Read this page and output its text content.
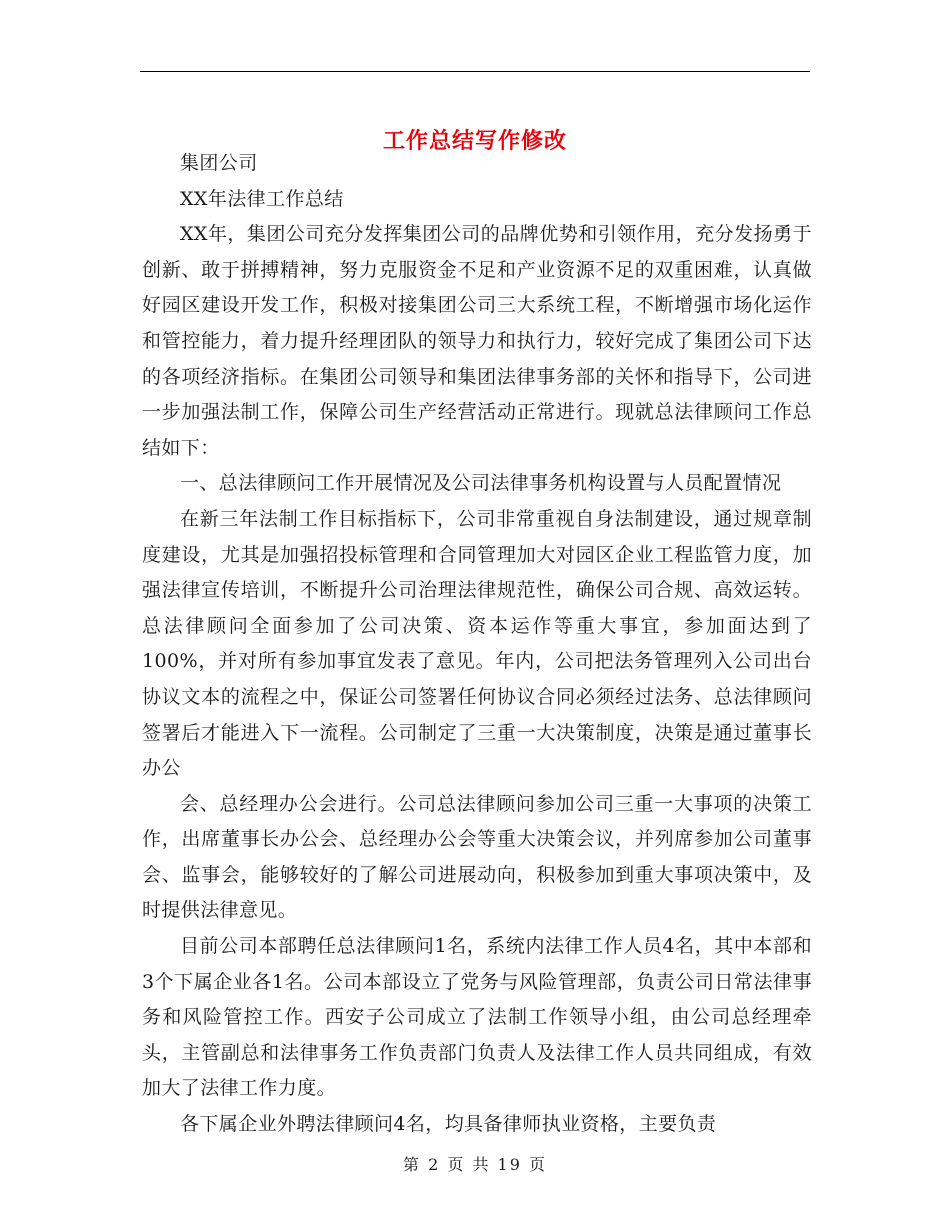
工作总结写作修改

集团公司

XX年法律工作总结

XX年，集团公司充分发挥集团公司的品牌优势和引领作用，充分发扬勇于创新、敢于拼搏精神，努力克服资金不足和产业资源不足的双重困难，认真做好园区建设开发工作，积极对接集团公司三大系统工程，不断增强市场化运作和管控能力，着力提升经理团队的领导力和执行力，较好完成了集团公司下达的各项经济指标。在集团公司领导和集团法律事务部的关怀和指导下，公司进一步加强法制工作，保障公司生产经营活动正常进行。现就总法律顾问工作总结如下：

一、总法律顾问工作开展情况及公司法律事务机构设置与人员配置情况

在新三年法制工作目标指标下，公司非常重视自身法制建设，通过规章制度建设，尤其是加强招投标管理和合同管理加大对园区企业工程监管力度，加强法律宣传培训，不断提升公司治理法律规范性，确保公司合规、高效运转。总法律顾问全面参加了公司决策、资本运作等重大事宜，参加面达到了100%，并对所有参加事宜发表了意见。年内，公司把法务管理列入公司出台协议文本的流程之中，保证公司签署任何协议合同必须经过法务、总法律顾问签署后才能进入下一流程。公司制定了三重一大决策制度，决策是通过董事长办公

会、总经理办公会进行。公司总法律顾问参加公司三重一大事项的决策工作，出席董事长办公会、总经理办公会等重大决策会议，并列席参加公司董事会、监事会，能够较好的了解公司进展动向，积极参加到重大事项决策中，及时提供法律意见。

目前公司本部聘任总法律顾问1名，系统内法律工作人员4名，其中本部和3个下属企业各1名。公司本部设立了党务与风险管理部，负责公司日常法律事务和风险管控工作。西安子公司成立了法制工作领导小组，由公司总经理牵头，主管副总和法律事务工作负责部门负责人及法律工作人员共同组成，有效加大了法律工作力度。

各下属企业外聘法律顾问4名，均具备律师执业资格，主要负责

第 2 页 共 19 页
